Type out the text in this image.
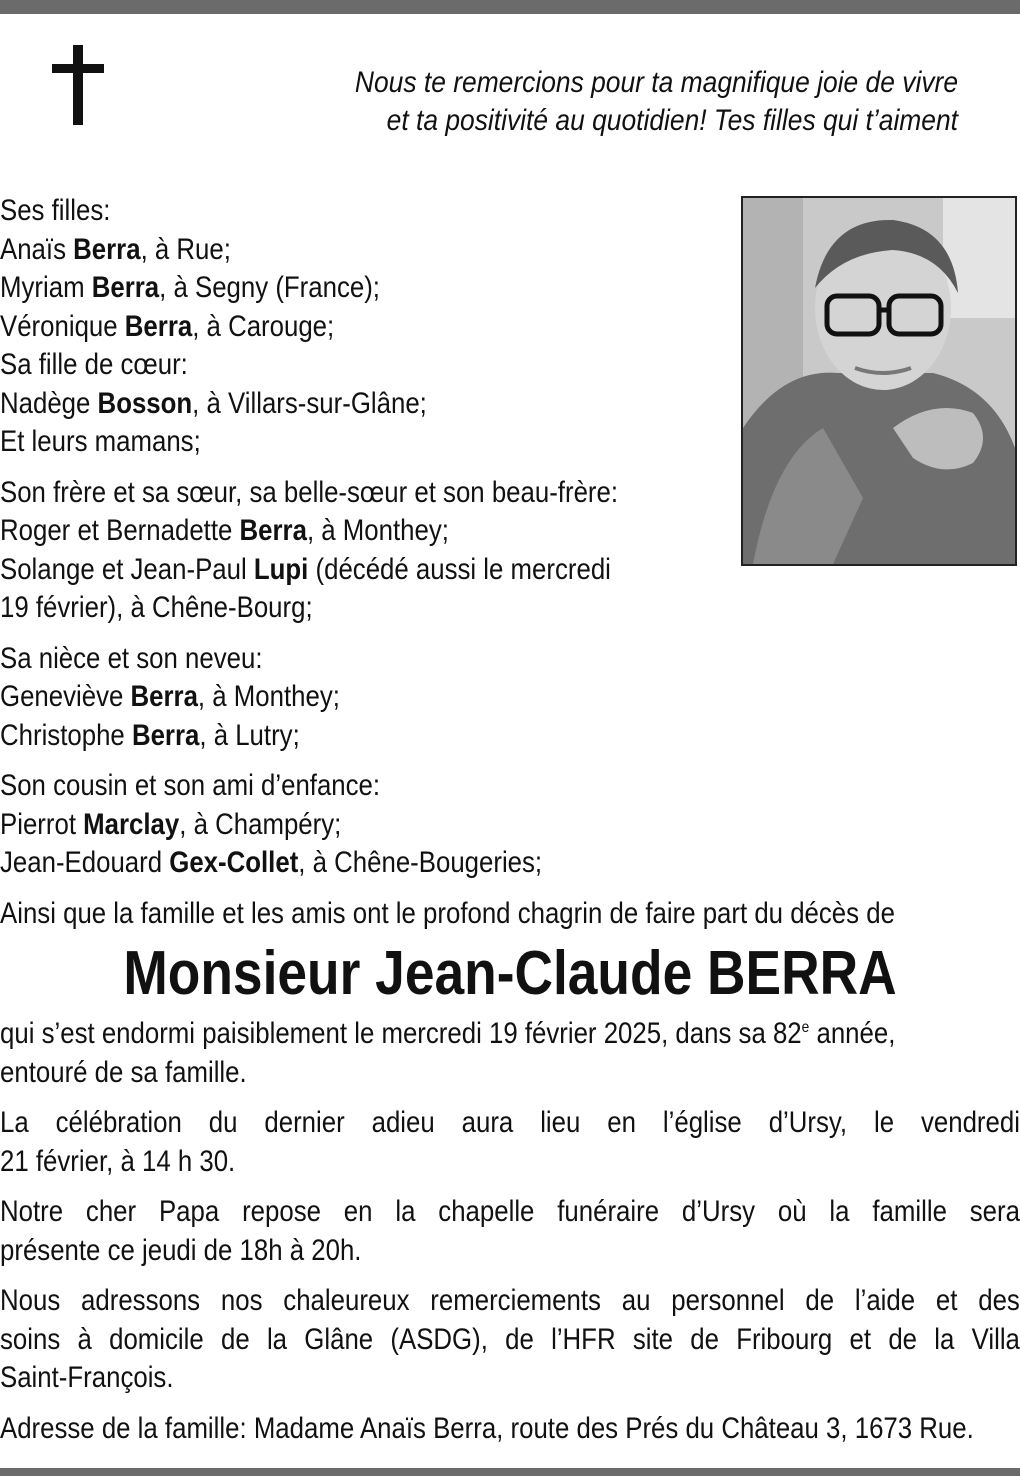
Nous te remercions pour ta magnifique joie de vivre
et ta positivité au quotidien! Tes filles qui t’aiment
Ses filles:
Anaïs Berra, à Rue;
Myriam Berra, à Segny (France);
Véronique Berra, à Carouge;
Sa fille de cœur:
Nadège Bosson, à Villars-sur-Glâne;
Et leurs mamans;
Son frère et sa sœur, sa belle-sœur et son beau-frère:
Roger et Bernadette Berra, à Monthey;
Solange et Jean-Paul Lupi (décédé aussi le mercredi
19 février), à Chêne-Bourg;
Sa nièce et son neveu:
Geneviève Berra, à Monthey;
Christophe Berra, à Lutry;
Son cousin et son ami d’enfance:
Pierrot Marclay, à Champéry;
Jean-Edouard Gex-Collet, à Chêne-Bougeries;
Ainsi que la famille et les amis ont le profond chagrin de faire part du décès de
Monsieur Jean-Claude BERRA
qui s’est endormi paisiblement le mercredi 19 février 2025, dans sa 82e année,
entouré de sa famille.
La célébration du dernier adieu aura lieu en l’église d’Ursy, le vendredi
21 février, à 14 h 30.
Notre cher Papa repose en la chapelle funéraire d’Ursy où la famille sera
présente ce jeudi de 18h à 20h.
Nous adressons nos chaleureux remerciements au personnel de l’aide et des
soins à domicile de la Glâne (ASDG), de l’HFR site de Fribourg et de la Villa
Saint-François.
Adresse de la famille: Madame Anaïs Berra, route des Prés du Château 3, 1673 Rue.
